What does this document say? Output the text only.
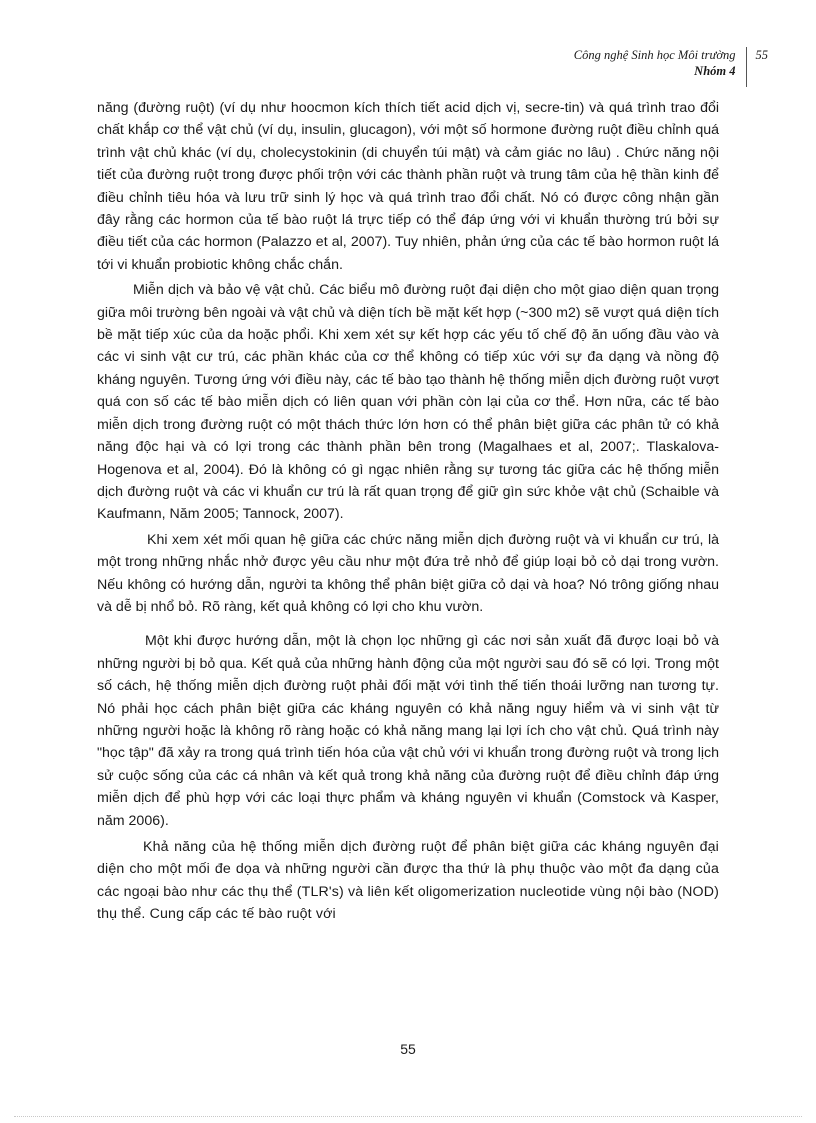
Công nghệ Sinh học Môi trường
Nhóm 4
55

năng (đường ruột) (ví dụ như hoocmon kích thích tiết acid dịch vị, secre-tin) và quá trình trao đổi chất khắp cơ thể vật chủ (ví dụ, insulin, glucagon), với một số hormone đường ruột điều chỉnh quá trình vật chủ khác (ví dụ, cholecystokinin (di chuyển túi mật) và cảm giác no lâu) . Chức năng nội tiết của đường ruột trong được phối trộn với các thành phần ruột và trung tâm của hệ thần kinh để điều chỉnh tiêu hóa và lưu trữ sinh lý học và quá trình trao đổi chất. Nó có được công nhận gần đây rằng các hormon của tế bào ruột lá trực tiếp có thể đáp ứng với vi khuẩn thường trú bởi sự điều tiết của các hormon (Palazzo et al, 2007). Tuy nhiên, phản ứng của các tế bào hormon ruột lá tới vi khuẩn probiotic không chắc chắn.

Miễn dịch và bảo vệ vật chủ. Các biểu mô đường ruột đại diện cho một giao diện quan trọng giữa môi trường bên ngoài và vật chủ và diện tích bề mặt kết hợp (~300 m2) sẽ vượt quá diện tích bề mặt tiếp xúc của da hoặc phổi. Khi xem xét sự kết hợp các yếu tố chế độ ăn uống đầu vào và các vi sinh vật cư trú, các phần khác của cơ thể không có tiếp xúc với sự đa dạng và nồng độ kháng nguyên. Tương ứng với điều này, các tế bào tạo thành hệ thống miễn dịch đường ruột vượt quá con số các tế bào miễn dịch có liên quan với phần còn lại của cơ thể. Hơn nữa, các tế bào miễn dịch trong đường ruột có một thách thức lớn hơn có thể phân biệt giữa các phân tử có khả năng độc hại và có lợi trong các thành phần bên trong (Magalhaes et al, 2007;. Tlaskalova-Hogenova et al, 2004). Đó là không có gì ngạc nhiên rằng sự tương tác giữa các hệ thống miễn dịch đường ruột và các vi khuẩn cư trú là rất quan trọng để giữ gìn sức khỏe vật chủ (Schaible và Kaufmann, Năm 2005; Tannock, 2007).

Khi xem xét mối quan hệ giữa các chức năng miễn dịch đường ruột và vi khuẩn cư trú, là một trong những nhắc nhở được yêu cầu như một đứa trẻ nhỏ để giúp loại bỏ cỏ dại trong vườn. Nếu không có hướng dẫn, người ta không thể phân biệt giữa cỏ dại và hoa? Nó trông giống nhau và dễ bị nhổ bỏ. Rõ ràng, kết quả không có lợi cho khu vườn.

Một khi được hướng dẫn, một là chọn lọc những gì các nơi sản xuất đã được loại bỏ và những người bị bỏ qua. Kết quả của những hành động của một người sau đó sẽ có lợi. Trong một số cách, hệ thống miễn dịch đường ruột phải đối mặt với tình thế tiến thoái lưỡng nan tương tự. Nó phải học cách phân biệt giữa các kháng nguyên có khả năng nguy hiểm và vi sinh vật từ những người hoặc là không rõ ràng hoặc có khả năng mang lại lợi ích cho vật chủ. Quá trình này "học tập" đã xảy ra trong quá trình tiến hóa của vật chủ với vi khuẩn trong đường ruột và trong lịch sử cuộc sống của các cá nhân và kết quả trong khả năng của đường ruột để điều chỉnh đáp ứng miễn dịch để phù hợp với các loại thực phẩm và kháng nguyên vi khuẩn (Comstock và Kasper, năm 2006).

Khả năng của hệ thống miễn dịch đường ruột để phân biệt giữa các kháng nguyên đại diện cho một mối đe dọa và những người cần được tha thứ là phụ thuộc vào một đa dạng của các ngoại bào như các thụ thể (TLR's) và liên kết oligomerization nucleotide vùng nội bào (NOD) thụ thể. Cung cấp các tế bào ruột với

55
